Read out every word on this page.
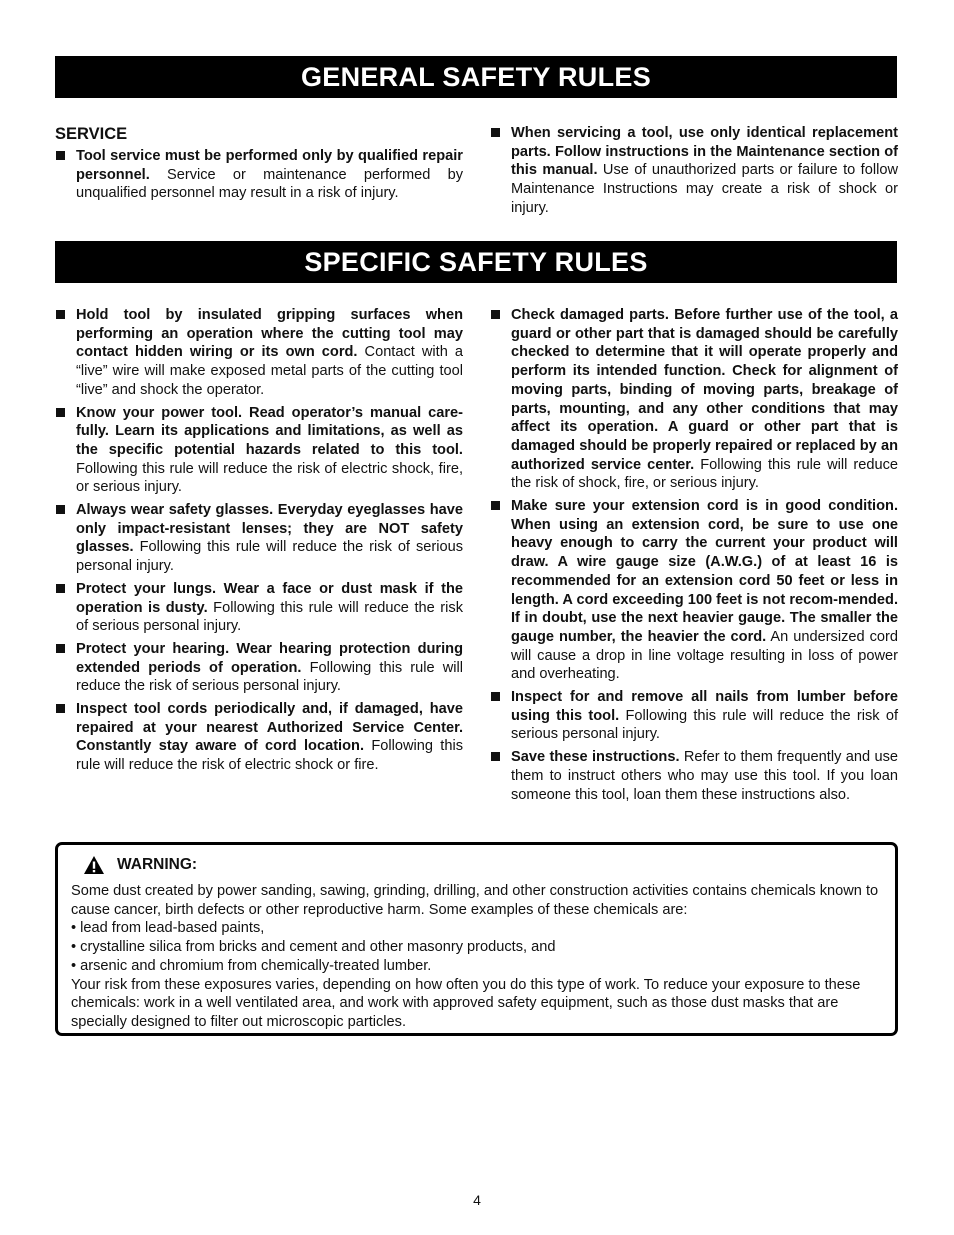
GENERAL SAFETY RULES
SERVICE
Tool service must be performed only by qualified repair personnel. Service or maintenance performed by unqualified personnel may result in a risk of injury.
When servicing a tool, use only identical replacement parts. Follow instructions in the Maintenance section of this manual. Use of unauthorized parts or failure to follow Maintenance Instructions may create a risk of shock or injury.
SPECIFIC SAFETY RULES
Hold tool by insulated gripping surfaces when performing an operation where the cutting tool may contact hidden wiring or its own cord. Contact with a “live” wire will make exposed metal parts of the cutting tool “live” and shock the operator.
Know your power tool. Read operator’s manual care-fully. Learn its applications and limitations, as well as the specific potential hazards related to this tool. Following this rule will reduce the risk of electric shock, fire, or serious injury.
Always wear safety glasses. Everyday eyeglasses have only impact-resistant lenses; they are NOT safety glasses. Following this rule will reduce the risk of serious personal injury.
Protect your lungs. Wear a face or dust mask if the operation is dusty. Following this rule will reduce the risk of serious personal injury.
Protect your hearing. Wear hearing protection during extended periods of operation. Following this rule will reduce the risk of serious personal injury.
Inspect tool cords periodically and, if damaged, have repaired at your nearest Authorized Service Center. Constantly stay aware of cord location. Following this rule will reduce the risk of electric shock or fire.
Check damaged parts. Before further use of the tool, a guard or other part that is damaged should be carefully checked to determine that it will operate properly and perform its intended function. Check for alignment of moving parts, binding of moving parts, breakage of parts, mounting, and any other conditions that may affect its operation. A guard or other part that is damaged should be properly repaired or replaced by an authorized service center. Following this rule will reduce the risk of shock, fire, or serious injury.
Make sure your extension cord is in good condition. When using an extension cord, be sure to use one heavy enough to carry the current your product will draw. A wire gauge size (A.W.G.) of at least 16 is recommended for an extension cord 50 feet or less in length. A cord exceeding 100 feet is not recom-mended. If in doubt, use the next heavier gauge. The smaller the gauge number, the heavier the cord. An undersized cord will cause a drop in line voltage resulting in loss of power and overheating.
Inspect for and remove all nails from lumber before using this tool. Following this rule will reduce the risk of serious personal injury.
Save these instructions. Refer to them frequently and use them to instruct others who may use this tool. If you loan someone this tool, loan them these instructions also.
WARNING:
Some dust created by power sanding, sawing, grinding, drilling, and other construction activities contains chemicals known to cause cancer, birth defects or other reproductive harm. Some examples of these chemicals are:
• lead from lead-based paints,
• crystalline silica from bricks and cement and other masonry products, and
• arsenic and chromium from chemically-treated lumber.
Your risk from these exposures varies, depending on how often you do this type of work. To reduce your exposure to these chemicals: work in a well ventilated area, and work with approved safety equipment, such as those dust masks that are specially designed to filter out microscopic particles.
4
